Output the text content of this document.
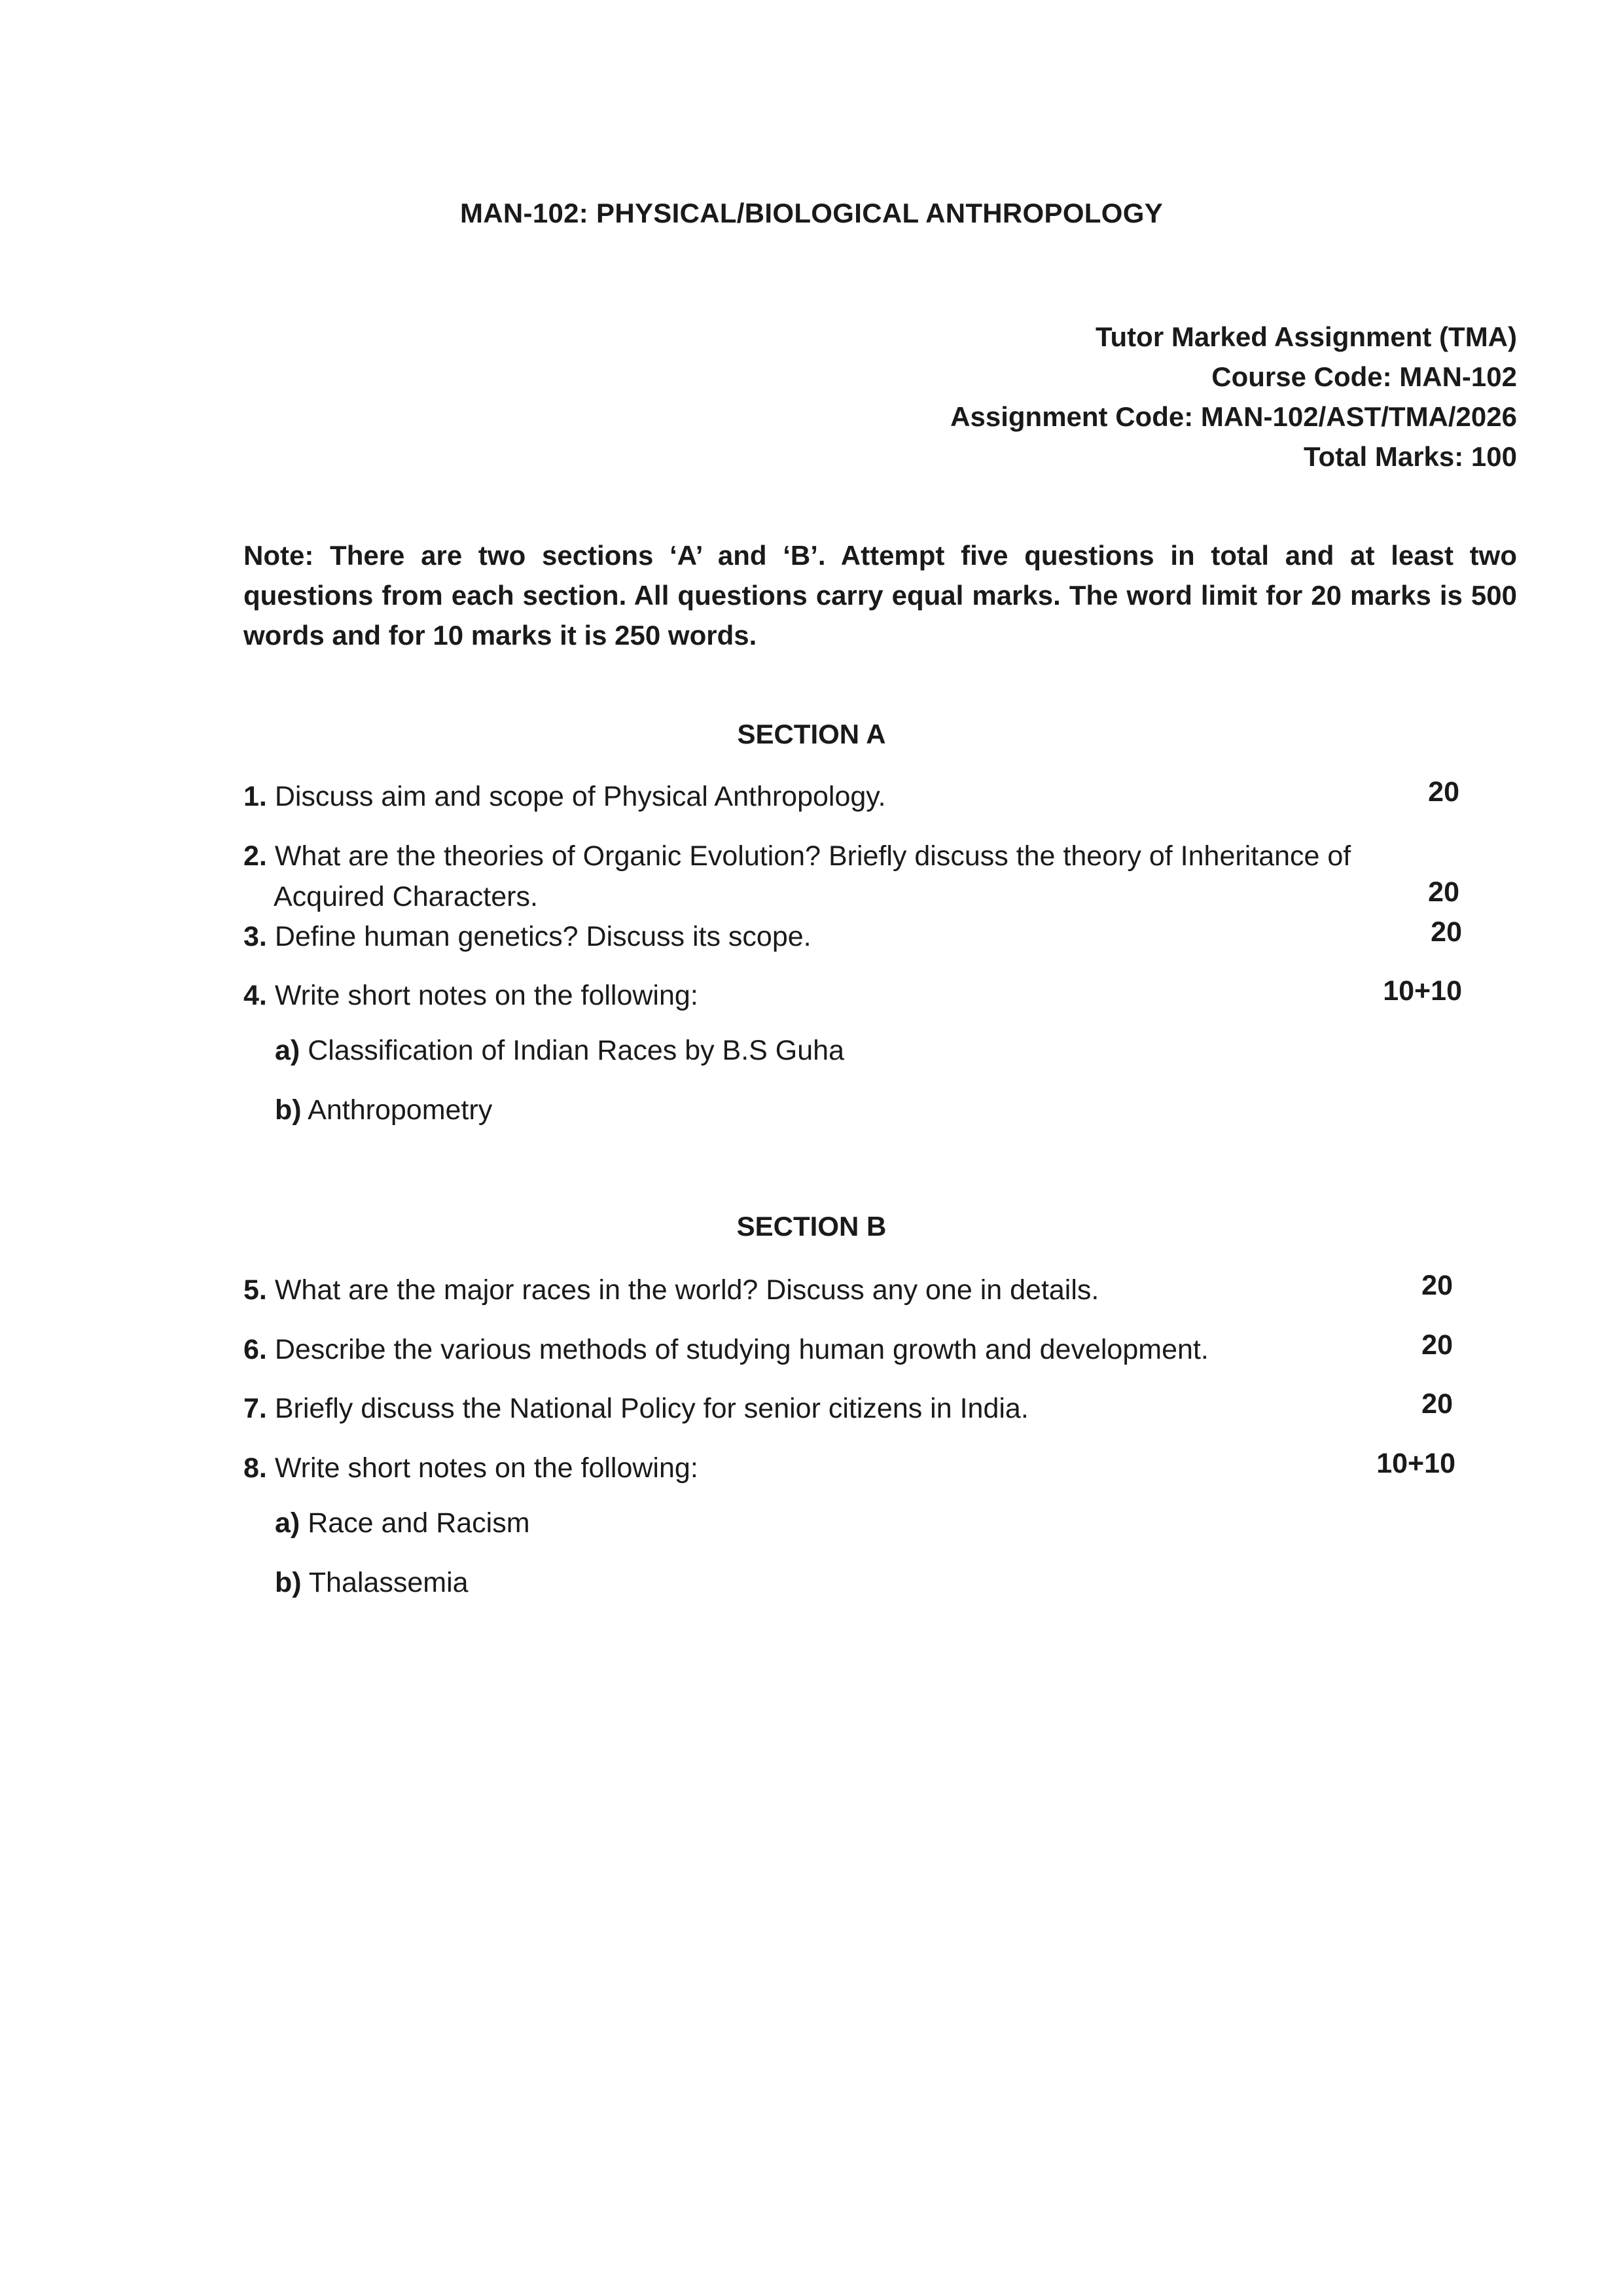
MAN-102: PHYSICAL/BIOLOGICAL ANTHROPOLOGY
Tutor Marked Assignment (TMA)
Course Code: MAN-102
Assignment Code: MAN-102/AST/TMA/2026
Total Marks: 100
Note: There are two sections ‘A’ and ‘B’. Attempt five questions in total and at least two questions from each section. All questions carry equal marks. The word limit for 20 marks is 500 words and for 10 marks it is 250 words.
SECTION A
1. Discuss aim and scope of Physical Anthropology.	20
2. What are the theories of Organic Evolution? Briefly discuss the theory of Inheritance of
Acquired Characters.	20
3. Define human genetics? Discuss its scope.	20
4. Write short notes on the following:	10+10
a) Classification of Indian Races by B.S Guha
b) Anthropometry
SECTION B
5. What are the major races in the world? Discuss any one in details.	20
6. Describe the various methods of studying human growth and development.	20
7. Briefly discuss the National Policy for senior citizens in India.	20
8. Write short notes on the following:	10+10
a) Race and Racism
b) Thalassemia
